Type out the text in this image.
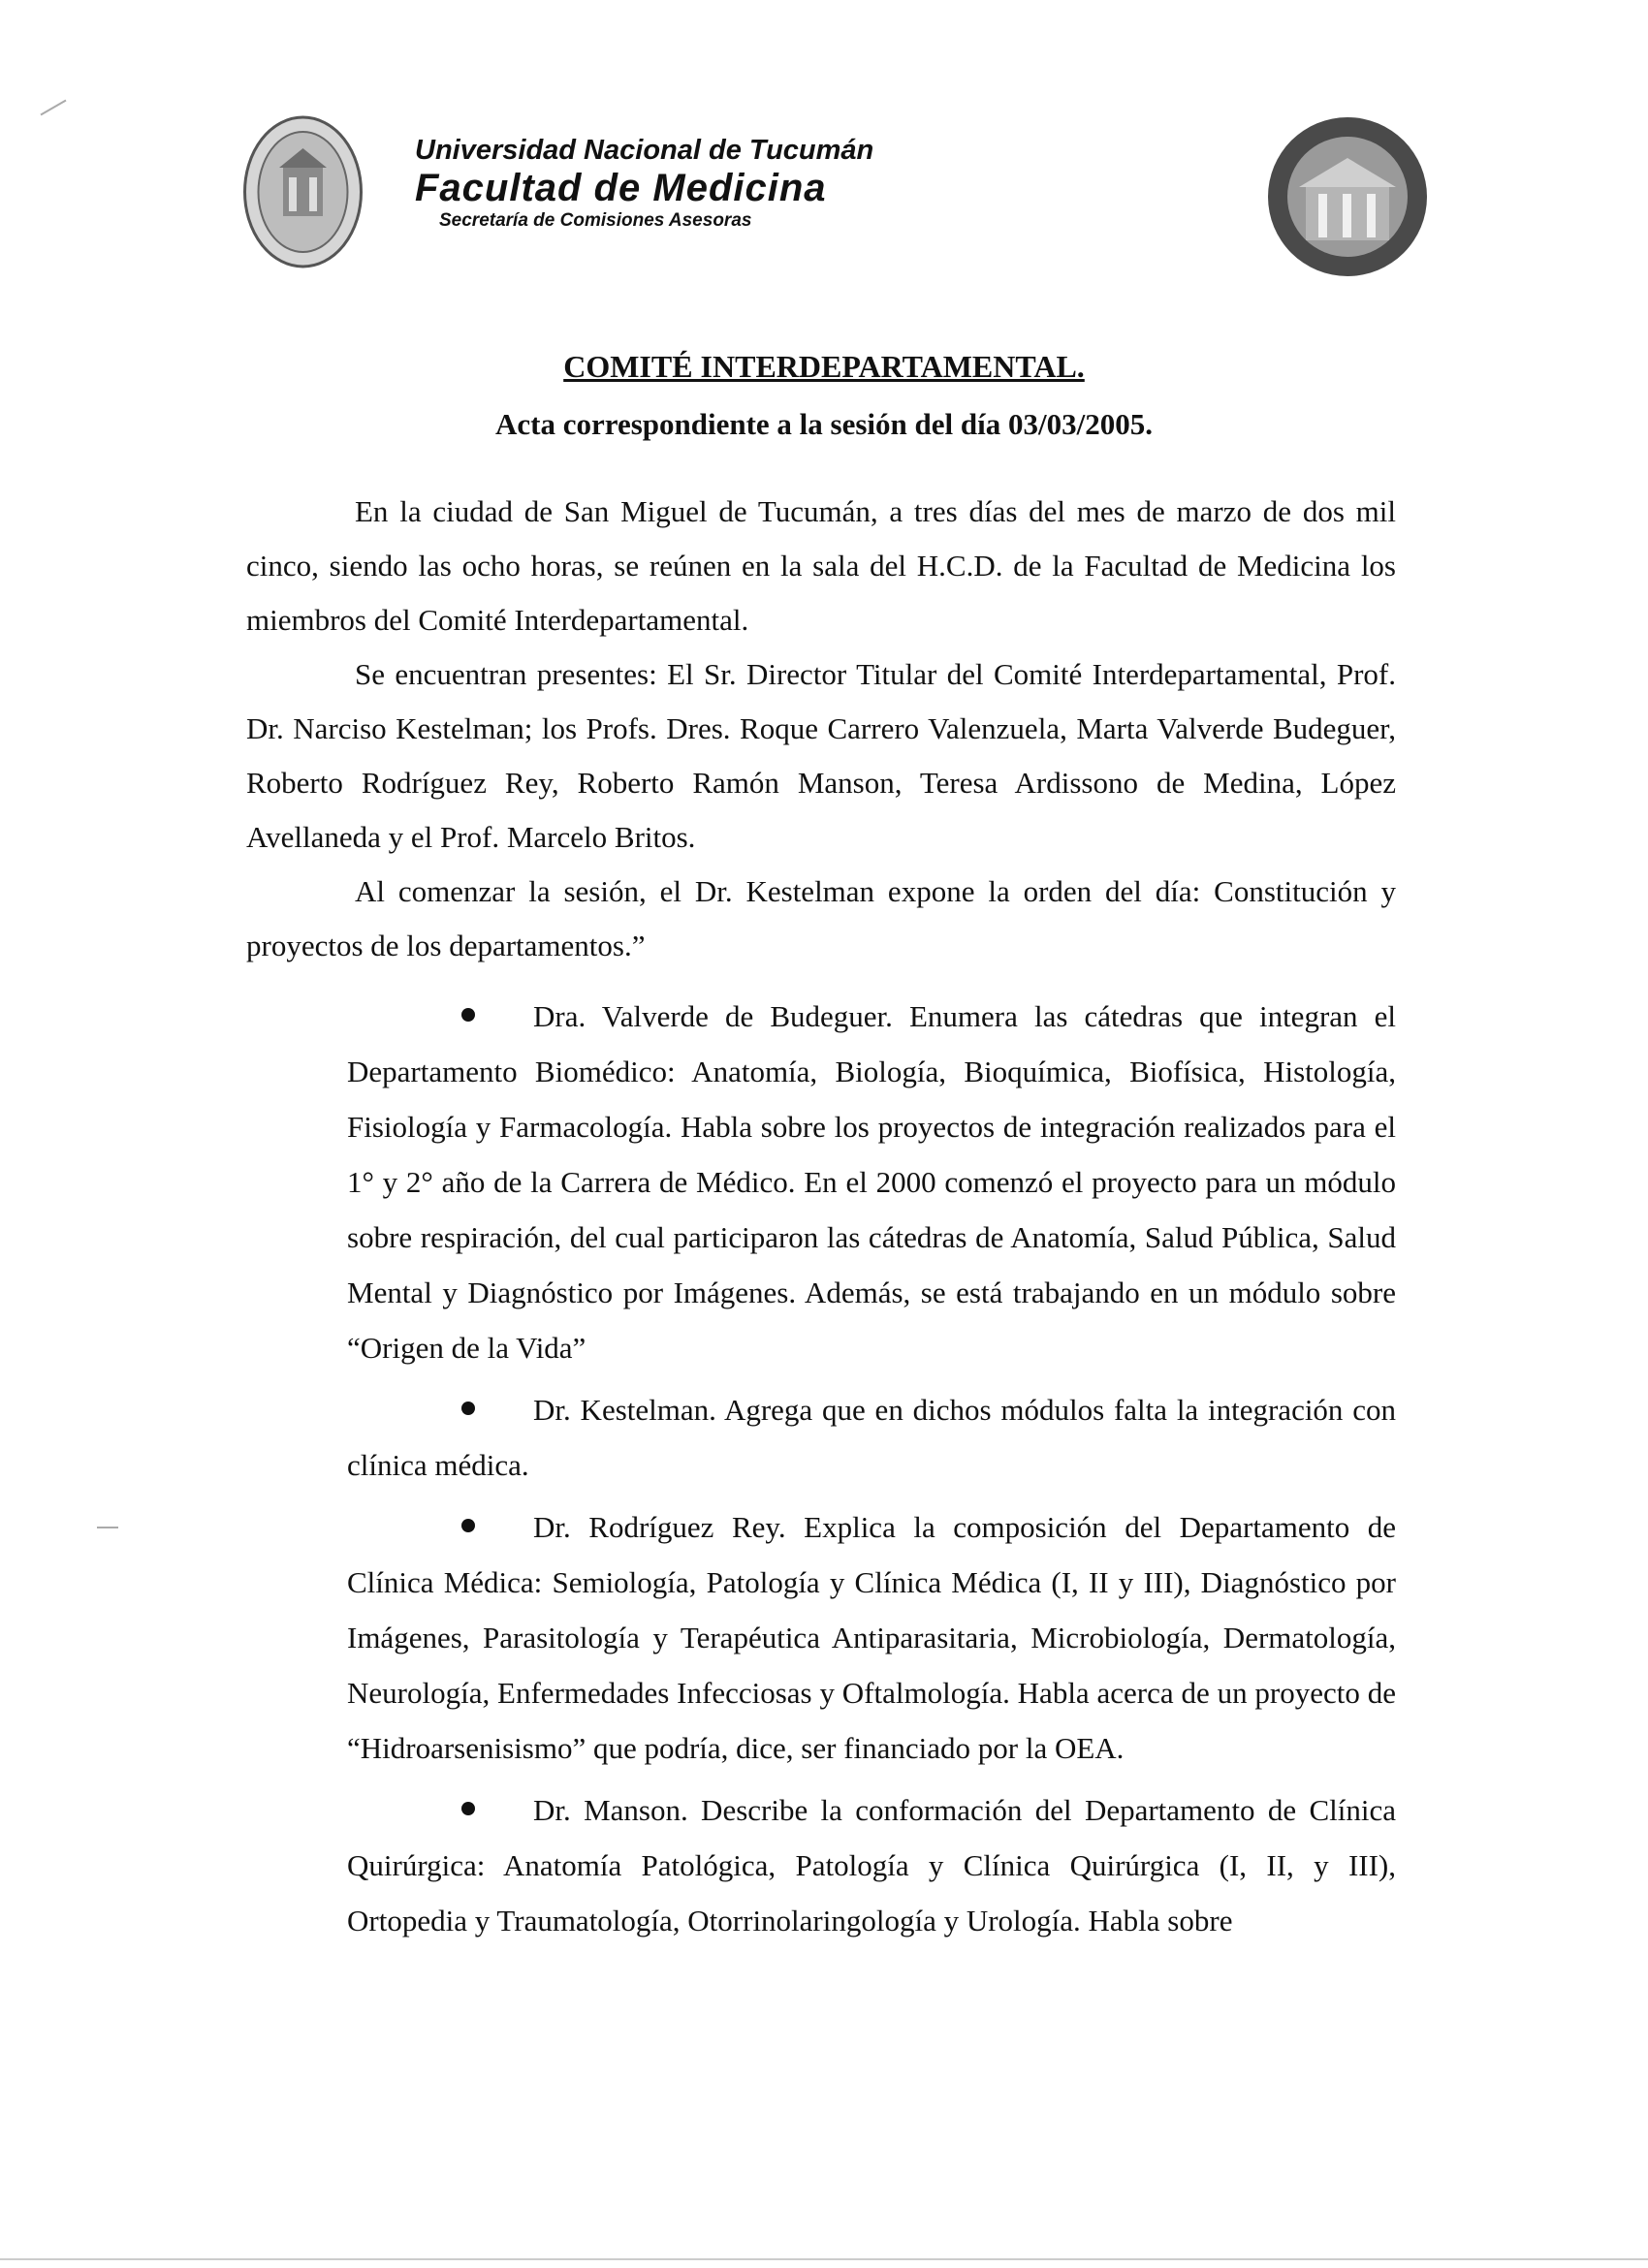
Universidad Nacional de Tucumán
Facultad de Medicina
Secretaría de Comisiones Asesoras
COMITÉ INTERDEPARTAMENTAL.
Acta correspondiente a la sesión del día 03/03/2005.

En la ciudad de San Miguel de Tucumán, a tres días del mes de marzo de dos mil cinco, siendo las ocho horas, se reúnen en la sala del H.C.D. de la Facultad de Medicina los miembros del Comité Interdepartamental.

Se encuentran presentes: El Sr. Director Titular del Comité Interdepartamental, Prof. Dr. Narciso Kestelman; los Profs. Dres. Roque Carrero Valenzuela, Marta Valverde Budeguer, Roberto Rodríguez Rey, Roberto Ramón Manson, Teresa Ardissono de Medina, López Avellaneda y el Prof. Marcelo Britos.

Al comenzar la sesión, el Dr. Kestelman expone la orden del día: Constitución y proyectos de los departamentos.”

Dra. Valverde de Budeguer. Enumera las cátedras que integran el Departamento Biomédico: Anatomía, Biología, Bioquímica, Biofísica, Histología, Fisiología y Farmacología. Habla sobre los proyectos de integración realizados para el 1° y 2° año de la Carrera de Médico. En el 2000 comenzó el proyecto para un módulo sobre respiración, del cual participaron las cátedras de Anatomía, Salud Pública, Salud Mental y Diagnóstico por Imágenes. Además, se está trabajando en un módulo sobre “Origen de la Vida”
Dr. Kestelman. Agrega que en dichos módulos falta la integración con clínica médica.
Dr. Rodríguez Rey. Explica la composición del Departamento de Clínica Médica: Semiología, Patología y Clínica Médica (I, II y III), Diagnóstico por Imágenes, Parasitología y Terapéutica Antiparasitaria, Microbiología, Dermatología, Neurología, Enfermedades Infecciosas y Oftalmología. Habla acerca de un proyecto de “Hidroarsenisismo” que podría, dice, ser financiado por la OEA.
Dr. Manson. Describe la conformación del Departamento de Clínica Quirúrgica: Anatomía Patológica, Patología y Clínica Quirúrgica (I, II, y III), Ortopedia y Traumatología, Otorrinolaringología y Urología. Habla sobre
